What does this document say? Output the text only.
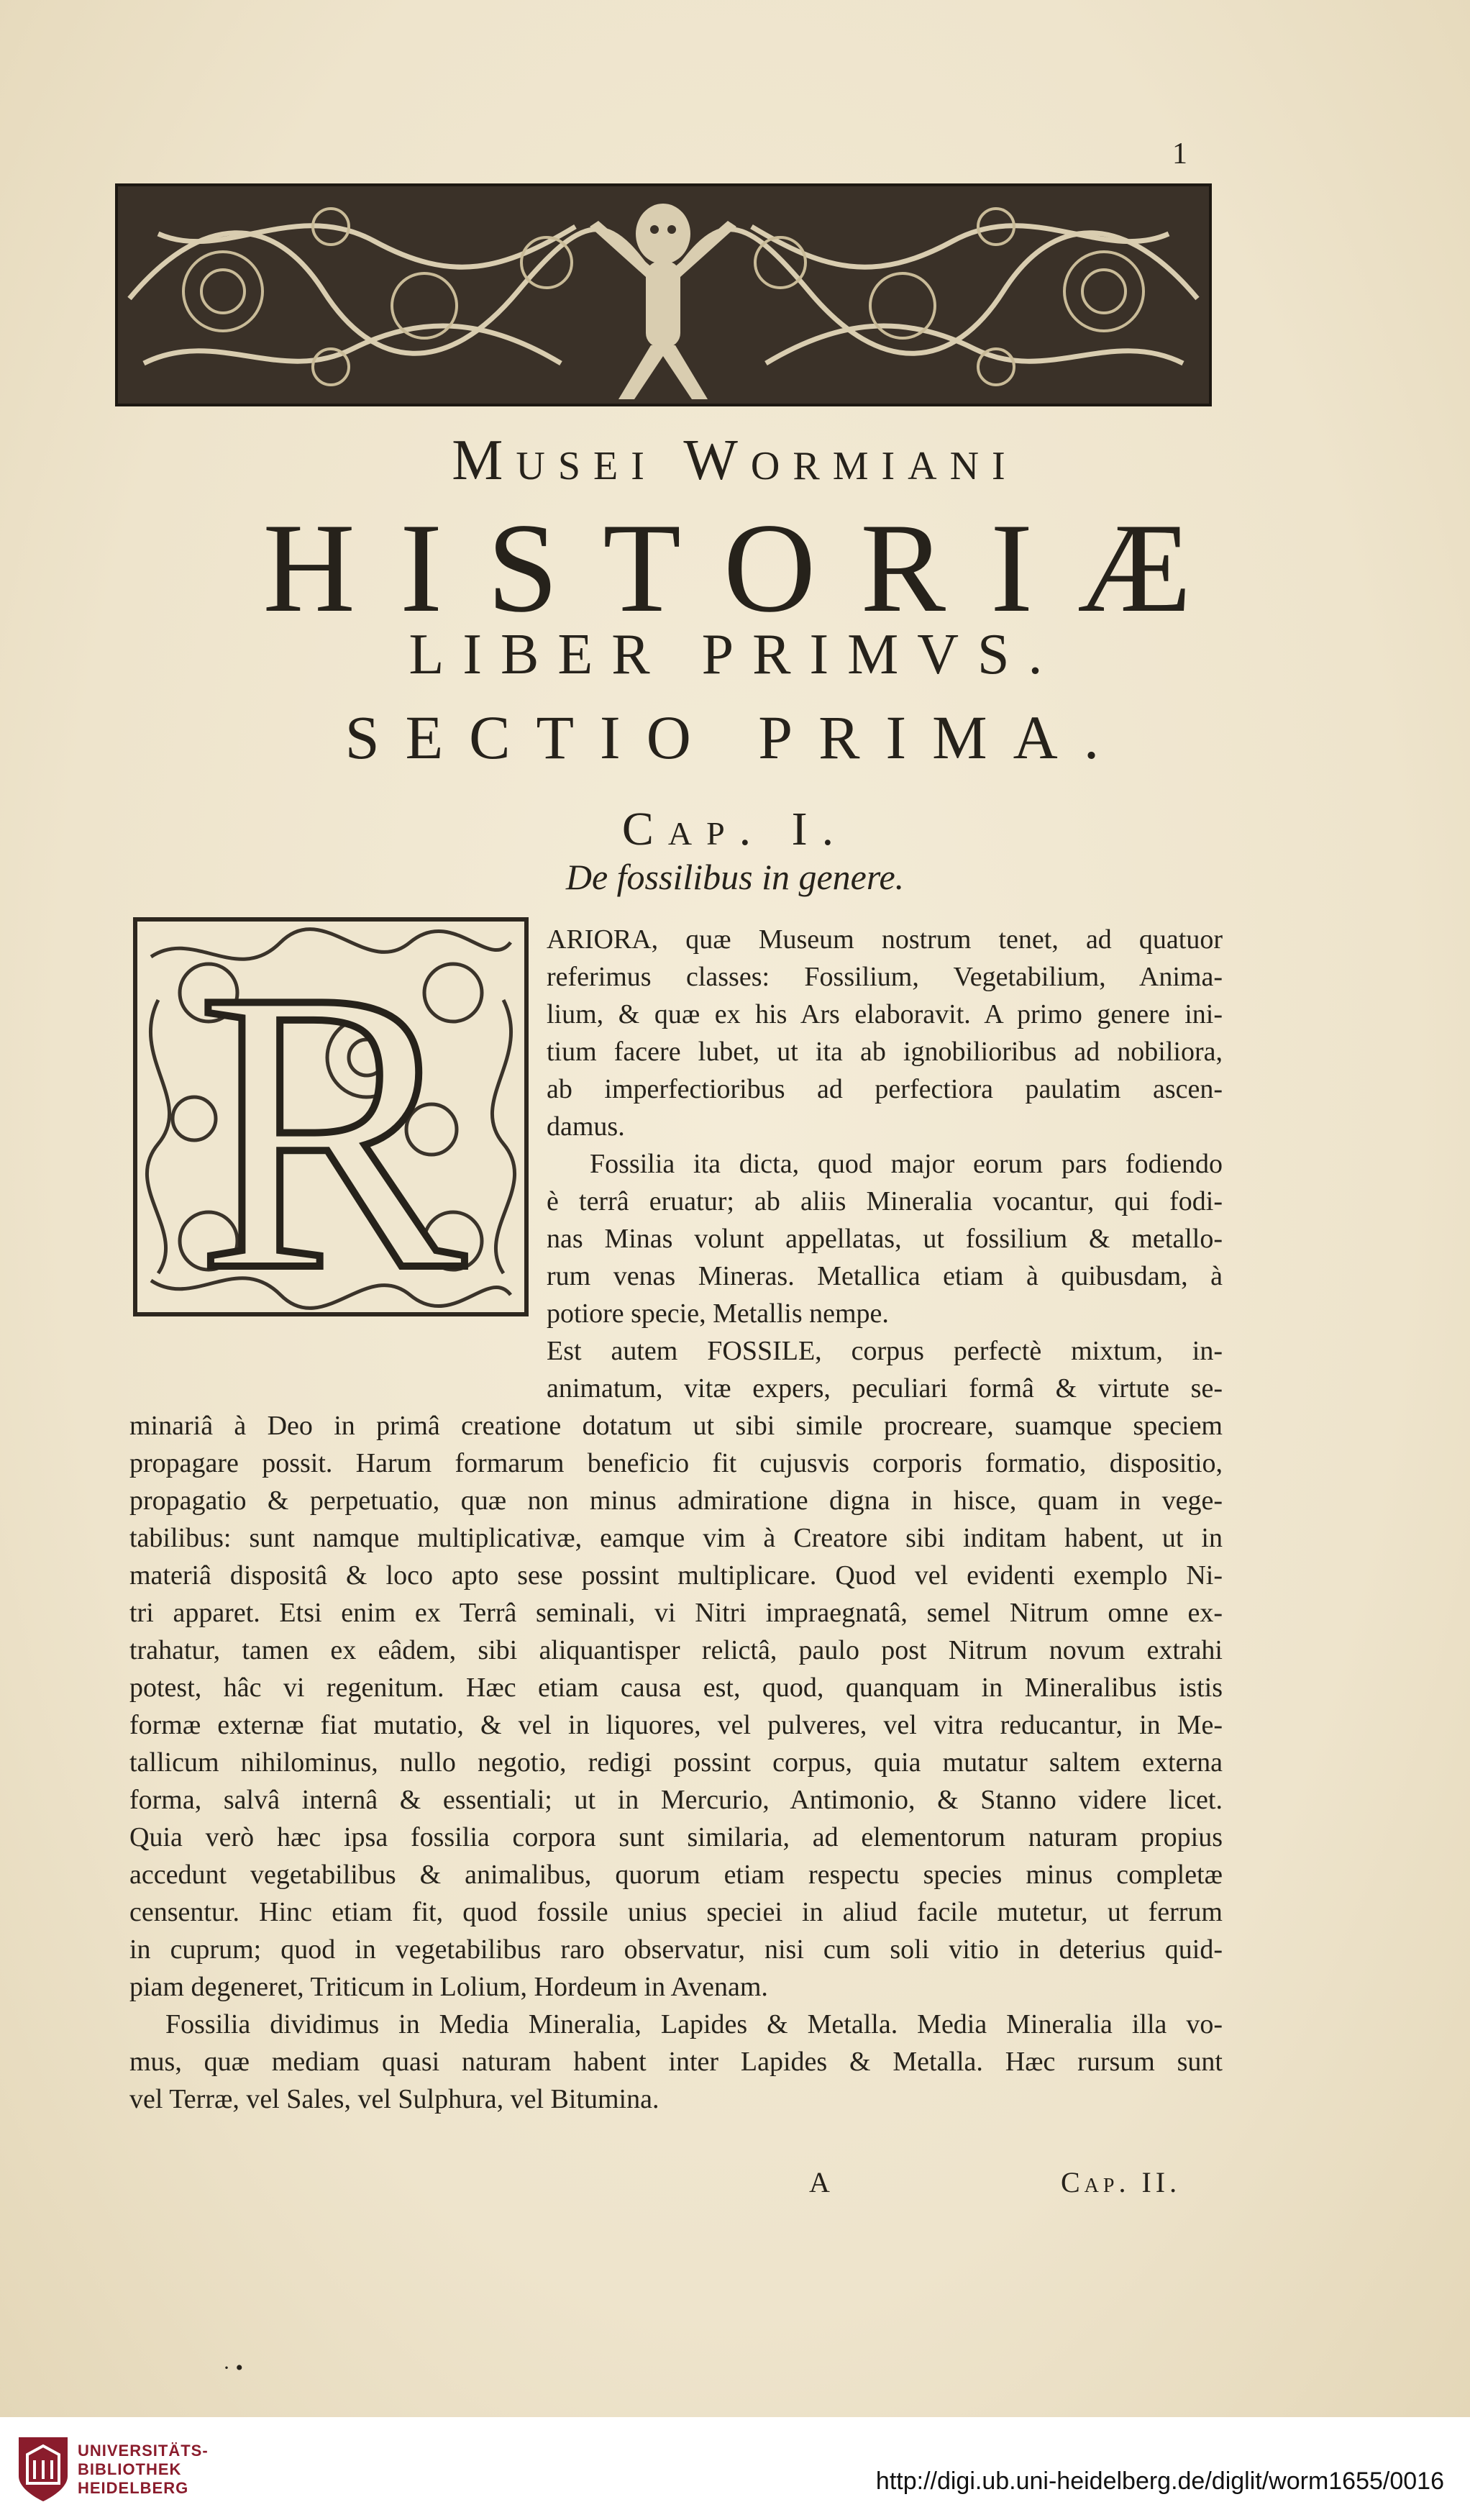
1
Musei Wormiani
HISTORIÆ
LIBER PRIMVS.
SECTIO PRIMA.
Cap. I.
De fossilibus in genere.
R	ARIORA, quæ Museum nostrum tenet, ad quatuor
referimus classes: Fossilium, Vegetabilium, Anima-
lium, & quæ ex his Ars elaboravit. A primo genere ini-
tium facere lubet, ut ita ab ignobilioribus ad nobiliora,
ab imperfectioribus ad perfectiora paulatim ascen-
damus.
Fossilia ita dicta, quod major eorum pars fodiendo
è terrâ eruatur; ab aliis Mineralia vocantur, qui fodi-
nas Minas volunt appellatas, ut fossilium & metallo-
rum venas Mineras. Metallica etiam à quibusdam, à
potiore specie, Metallis nempe.
Est autem FOSSILE, corpus perfectè mixtum, in-
animatum, vitæ expers, peculiari formâ & virtute se-
minariâ à Deo in primâ creatione dotatum ut sibi simile procreare, suamque speciem
propagare possit. Harum formarum beneficio fit cujusvis corporis formatio, dispositio,
propagatio & perpetuatio, quæ non minus admiratione digna in hisce, quam in vege-
tabilibus: sunt namque multiplicativæ, eamque vim à Creatore sibi inditam habent, ut in
materiâ dispositâ & loco apto sese possint multiplicare. Quod vel evidenti exemplo Ni-
tri apparet. Etsi enim ex Terrâ seminali, vi Nitri impraegnatâ, semel Nitrum omne ex-
trahatur, tamen ex eâdem, sibi aliquantisper relictâ, paulo post Nitrum novum extrahi
potest, hâc vi regenitum. Hæc etiam causa est, quod, quanquam in Mineralibus istis
formæ externæ fiat mutatio, & vel in liquores, vel pulveres, vel vitra reducantur, in Me-
tallicum nihilominus, nullo negotio, redigi possint corpus, quia mutatur saltem externa
forma, salvâ internâ & essentiali; ut in Mercurio, Antimonio, & Stanno videre licet.
Quia verò hæc ipsa fossilia corpora sunt similaria, ad elementorum naturam propius
accedunt vegetabilibus & animalibus, quorum etiam respectu species minus completæ
censentur. Hinc etiam fit, quod fossile unius speciei in aliud facile mutetur, ut ferrum
in cuprum; quod in vegetabilibus raro observatur, nisi cum soli vitio in deterius quid-
piam degeneret, Triticum in Lolium, Hordeum in Avenam.
Fossilia dividimus in Media Mineralia, Lapides & Metalla. Media Mineralia illa vo-
mus, quæ mediam quasi naturam habent inter Lapides & Metalla. Hæc rursum sunt
vel Terræ, vel Sales, vel Sulphura, vel Bitumina.
A	Cap. II.
· •
UNIVERSITÄTS-
BIBLIOTHEK
HEIDELBERG	http://digi.ub.uni-heidelberg.de/diglit/worm1655/0016
